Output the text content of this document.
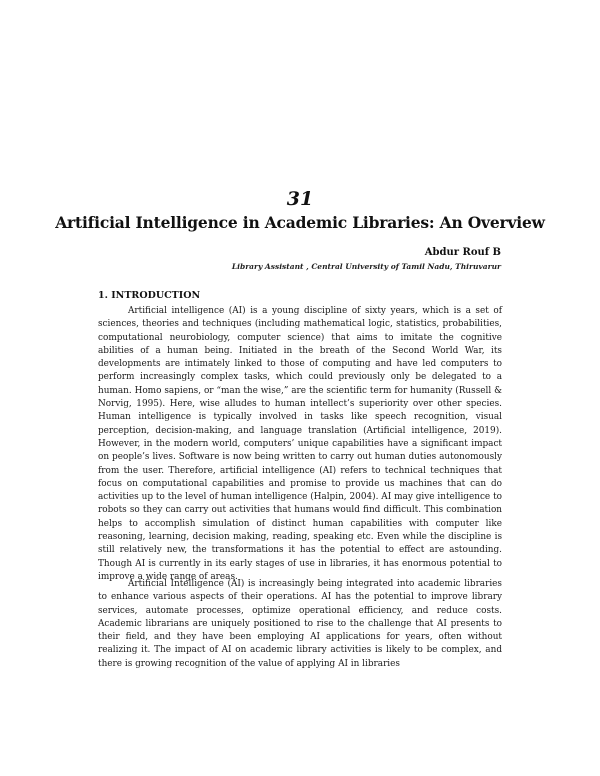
31
Artificial Intelligence in Academic Libraries: An Overview
Abdur Rouf B
Library Assistant , Central University of Tamil Nadu, Thiruvarur
1. INTRODUCTION

Artificial intelligence (AI) is a young discipline of sixty years, which is a set of sciences, theories and techniques (including mathematical logic, statistics, probabilities, computational neurobiology, computer science) that aims to imitate the cognitive abilities of a human being. Initiated in the breath of the Second World War, its developments are intimately linked to those of computing and have led computers to perform increasingly complex tasks, which could previously only be delegated to a human. Homo sapiens, or “man the wise,” are the scientific term for humanity (Russell & Norvig, 1995). Here, wise alludes to human intellect’s superiority over other species. Human intelligence is typically involved in tasks like speech recognition, visual perception, decision-making, and language translation (Artificial intelligence, 2019). However, in the modern world, computers’ unique capabilities have a significant impact on people’s lives. Software is now being written to carry out human duties autonomously from the user. Therefore, artificial intelligence (AI) refers to technical techniques that focus on computational capabilities and promise to provide us machines that can do activities up to the level of human intelligence (Halpin, 2004). AI may give intelligence to robots so they can carry out activities that humans would find difficult. This combination helps to accomplish simulation of distinct human capabilities with computer like reasoning, learning, decision making, reading, speaking etc. Even while the discipline is still relatively new, the transformations it has the potential to effect are astounding. Though AI is currently in its early stages of use in libraries, it has enormous potential to improve a wide range of areas.

Artificial Intelligence (AI) is increasingly being integrated into academic libraries to enhance various aspects of their operations. AI has the potential to improve library services, automate processes, optimize operational efficiency, and reduce costs. Academic librarians are uniquely positioned to rise to the challenge that AI presents to their field, and they have been employing AI applications for years, often without realizing it. The impact of AI on academic library activities is likely to be complex, and there is growing recognition of the value of applying AI in libraries
